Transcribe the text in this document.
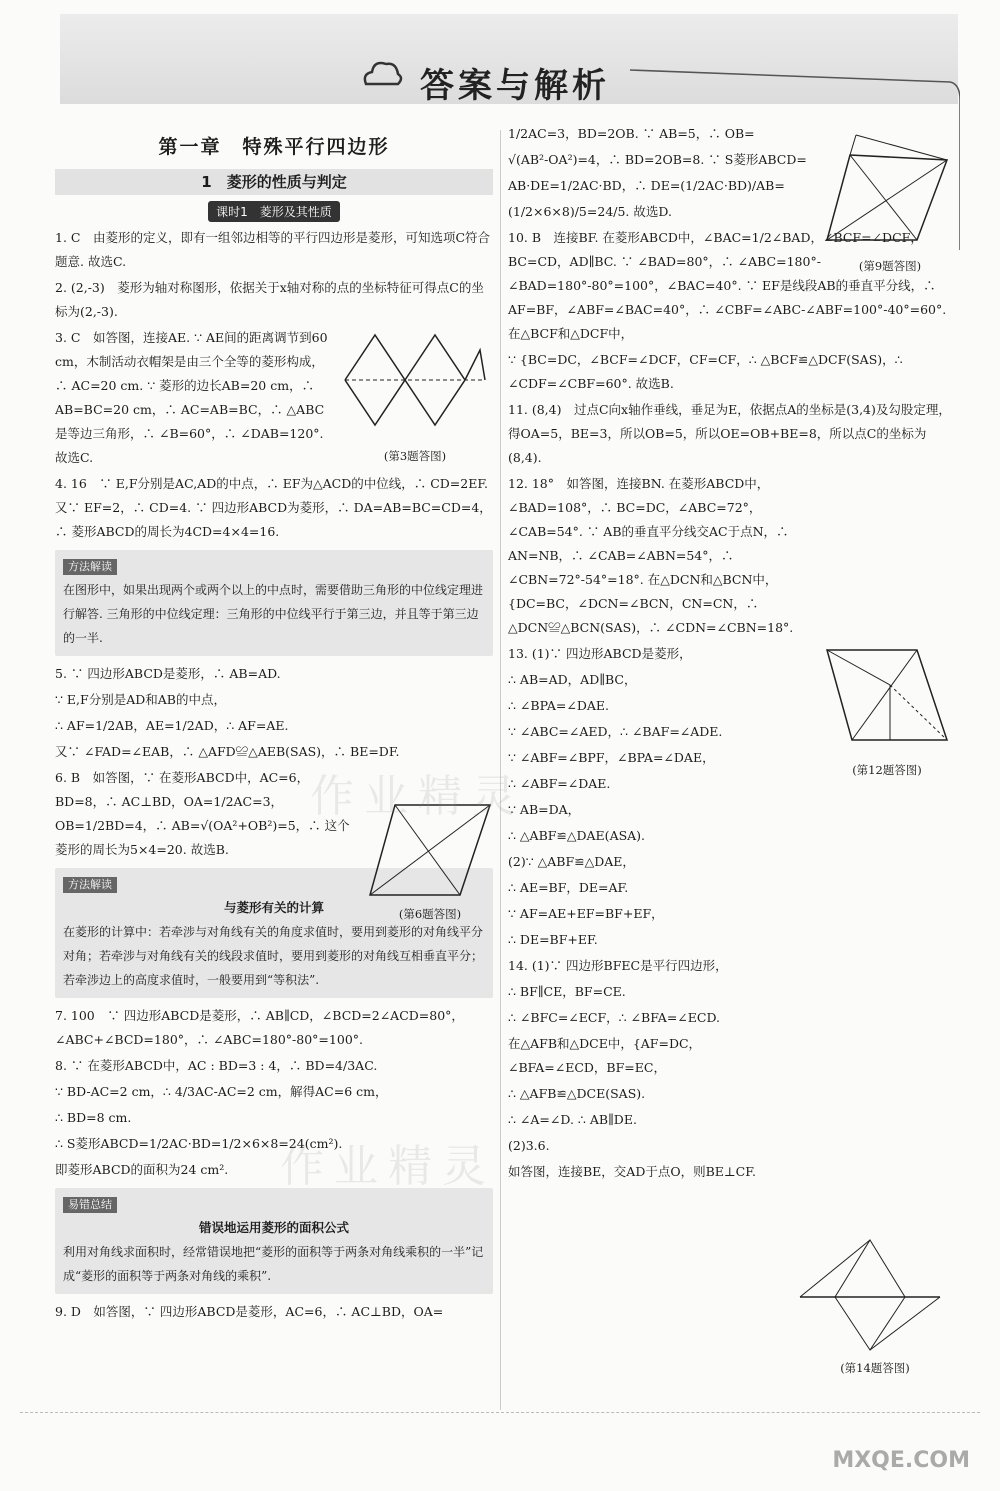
答案与解析
第一章　特殊平行四边形
1　菱形的性质与判定
课时1　菱形及其性质
1. C　由菱形的定义，即有一组邻边相等的平行四边形是菱形，可知选项C符合题意. 故选C.
2. (2,-3)　菱形为轴对称图形，依据关于x轴对称的点的坐标特征可得点C的坐标为(2,-3).
3. C　如答图，连接AE. ∵ AE间的距离调节到60 cm，木制活动衣帽架是由三个全等的菱形构成，∴ AC=20 cm. ∵ 菱形的边长AB=20 cm，∴ AB=BC=20 cm，∴ AC=AB=BC，∴ △ABC是等边三角形，∴ ∠B=60°，∴ ∠DAB=120°. 故选C.
4. 16　∵ E,F分别是AC,AD的中点，∴ EF为△ACD的中位线，∴ CD=2EF. 又∵ EF=2，∴ CD=4. ∵ 四边形ABCD为菱形，∴ DA=AB=BC=CD=4，∴ 菱形ABCD的周长为4CD=4×4=16.
方法解读
在图形中，如果出现两个或两个以上的中点时，需要借助三角形的中位线定理进行解答. 三角形的中位线定理：三角形的中位线平行于第三边，并且等于第三边的一半.
5. ∵ 四边形ABCD是菱形，∴ AB=AD.
∵ E,F分别是AD和AB的中点，
∴ AF=1/2AB，AE=1/2AD，∴ AF=AE.
又∵ ∠FAD=∠EAB，∴ △AFD≌△AEB(SAS)，∴ BE=DF.
6. B　如答图，∵ 在菱形ABCD中，AC=6，BD=8，∴ AC⊥BD，OA=1/2AC=3，OB=1/2BD=4，∴ AB=√(OA²+OB²)=5，∴ 这个菱形的周长为5×4=20. 故选B.
方法解读
与菱形有关的计算
在菱形的计算中：若牵涉与对角线有关的角度求值时，要用到菱形的对角线平分对角；若牵涉与对角线有关的线段求值时，要用到菱形的对角线互相垂直平分；若牵涉边上的高度求值时，一般要用到“等积法”.
7. 100　∵ 四边形ABCD是菱形，∴ AB∥CD，∠BCD=2∠ACD=80°，∠ABC+∠BCD=180°，∴ ∠ABC=180°-80°=100°.
8. ∵ 在菱形ABCD中，AC : BD=3 : 4，∴ BD=4/3AC.
∵ BD-AC=2 cm，∴ 4/3AC-AC=2 cm，解得AC=6 cm，
∴ BD=8 cm.
∴ S菱形ABCD=1/2AC·BD=1/2×6×8=24(cm²).
即菱形ABCD的面积为24 cm².
易错总结
错误地运用菱形的面积公式
利用对角线求面积时，经常错误地把“菱形的面积等于两条对角线乘积的一半”记成“菱形的面积等于两条对角线的乘积”.
9. D　如答图，∵ 四边形ABCD是菱形，AC=6，∴ AC⊥BD，OA=
(第3题答图)
(第6题答图)
1/2AC=3，BD=2OB. ∵ AB=5，∴ OB=
√(AB²-OA²)=4，∴ BD=2OB=8. ∵ S菱形ABCD=
AB·DE=1/2AC·BD，∴ DE=(1/2AC·BD)/AB=
(1/2×6×8)/5=24/5. 故选D.
10. B　连接BF. 在菱形ABCD中，∠BAC=1/2∠BAD，∠BCF=∠DCF，BC=CD，AD∥BC. ∵ ∠BAD=80°，∴ ∠ABC=180°-∠BAD=180°-80°=100°，∠BAC=40°. ∵ EF是线段AB的垂直平分线，∴ AF=BF，∠ABF=∠BAC=40°，∴ ∠CBF=∠ABC-∠ABF=100°-40°=60°. 在△BCF和△DCF中，
∵ {BC=DC，∠BCF=∠DCF，CF=CF，∴ △BCF≌△DCF(SAS)，∴ ∠CDF=∠CBF=60°. 故选B.
11. (8,4)　过点C向x轴作垂线，垂足为E，依据点A的坐标是(3,4)及勾股定理，得OA=5，BE=3，所以OB=5，所以OE=OB+BE=8，所以点C的坐标为(8,4).
12. 18°　如答图，连接BN. 在菱形ABCD中，∠BAD=108°，∴ BC=DC，∠ABC=72°，∠CAB=54°. ∵ AB的垂直平分线交AC于点N，∴ AN=NB，∴ ∠CAB=∠ABN=54°，∴ ∠CBN=72°-54°=18°. 在△DCN和△BCN中，{DC=BC，∠DCN=∠BCN，CN=CN，∴ △DCN≌△BCN(SAS)，∴ ∠CDN=∠CBN=18°.
13. (1)∵ 四边形ABCD是菱形，
∴ AB=AD，AD∥BC，
∴ ∠BPA=∠DAE.
∵ ∠ABC=∠AED，∴ ∠BAF=∠ADE.
∵ ∠ABF=∠BPF，∠BPA=∠DAE，
∴ ∠ABF=∠DAE.
∵ AB=DA，
∴ △ABF≌△DAE(ASA).
(2)∵ △ABF≌△DAE，
∴ AE=BF，DE=AF.
∵ AF=AE+EF=BF+EF，
∴ DE=BF+EF.
14. (1)∵ 四边形BFEC是平行四边形，
∴ BF∥CE，BF=CE.
∴ ∠BFC=∠ECF，∴ ∠BFA=∠ECD.
在△AFB和△DCE中，{AF=DC，∠BFA=∠ECD，BF=EC，
∴ △AFB≌△DCE(SAS).
∴ ∠A=∠D. ∴ AB∥DE.
(2)3.6.
如答图，连接BE，交AD于点O，则BE⊥CF.
(第9题答图)
(第12题答图)
(第14题答图)
作业精灵
作业精灵
MXQE.COM
